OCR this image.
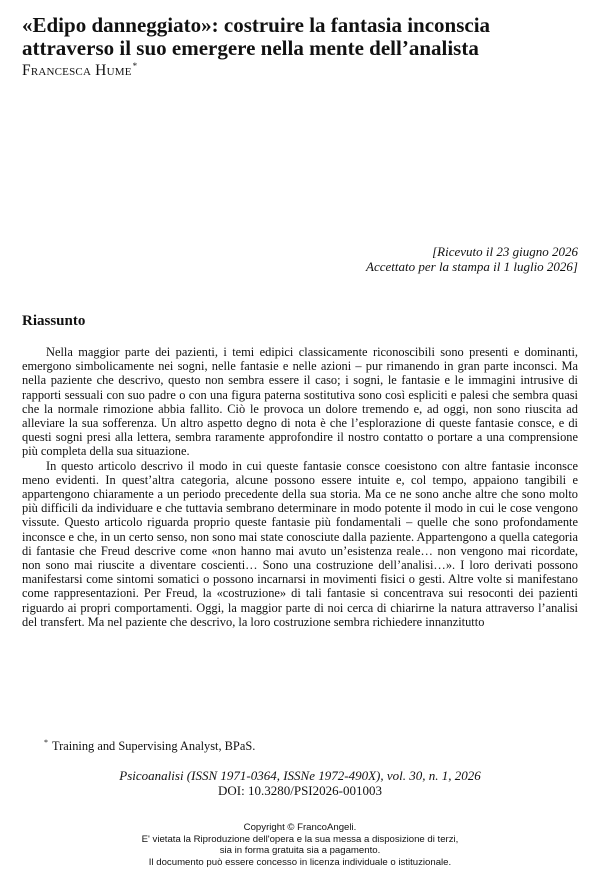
«Edipo danneggiato»: costruire la fantasia inconscia attraverso il suo emergere nella mente dell’analista
Francesca Hume*
[Ricevuto il 23 giugno 2026
Accettato per la stampa il 1 luglio 2026]
Riassunto

Nella maggior parte dei pazienti, i temi edipici classicamente riconoscibili sono presenti e dominanti, emergono simbolicamente nei sogni, nelle fantasie e nelle azioni – pur rimanendo in gran parte inconsci. Ma nella paziente che descrivo, questo non sembra essere il caso; i sogni, le fantasie e le immagini intrusive di rapporti sessuali con suo padre o con una figura paterna sostitutiva sono così espliciti e palesi che sembra quasi che la normale rimozione abbia fallito. Ciò le provoca un dolore tremendo e, ad oggi, non sono riuscita ad alleviare la sua sofferenza. Un altro aspetto degno di nota è che l’esplorazione di queste fantasie consce, e di questi sogni presi alla lettera, sembra raramente approfondire il nostro contatto o portare a una comprensione più completa della sua situazione.

In questo articolo descrivo il modo in cui queste fantasie consce coesistono con altre fantasie inconsce meno evidenti. In quest’altra categoria, alcune possono essere intuite e, col tempo, appaiono tangibili e appartengono chiaramente a un periodo precedente della sua storia. Ma ce ne sono anche altre che sono molto più difficili da individuare e che tuttavia sembrano determinare in modo potente il modo in cui le cose vengono vissute. Questo articolo riguarda proprio queste fantasie più fondamentali – quelle che sono profondamente inconsce e che, in un certo senso, non sono mai state conosciute dalla paziente. Appartengono a quella categoria di fantasie che Freud descrive come «non hanno mai avuto un’esistenza reale… non vengono mai ricordate, non sono mai riuscite a diventare coscienti… Sono una costruzione dell’analisi…». I loro derivati possono manifestarsi come sintomi somatici o possono incarnarsi in movimenti fisici o gesti. Altre volte si manifestano come rappresentazioni. Per Freud, la «costruzione» di tali fantasie si concentrava sui resoconti dei pazienti riguardo ai propri comportamenti. Oggi, la maggior parte di noi cerca di chiarirne la natura attraverso l’analisi del transfert. Ma nel paziente che descrivo, la loro costruzione sembra richiedere innanzitutto

* Training and Supervising Analyst, BPaS.
Psicoanalisi (ISSN 1971-0364, ISSNe 1972-490X), vol. 30, n. 1, 2026
DOI: 10.3280/PSI2026-001003
Copyright © FrancoAngeli.
E' vietata la Riproduzione dell'opera e la sua messa a disposizione di terzi,
sia in forma gratuita sia a pagamento.
Il documento può essere concesso in licenza individuale o istituzionale.
